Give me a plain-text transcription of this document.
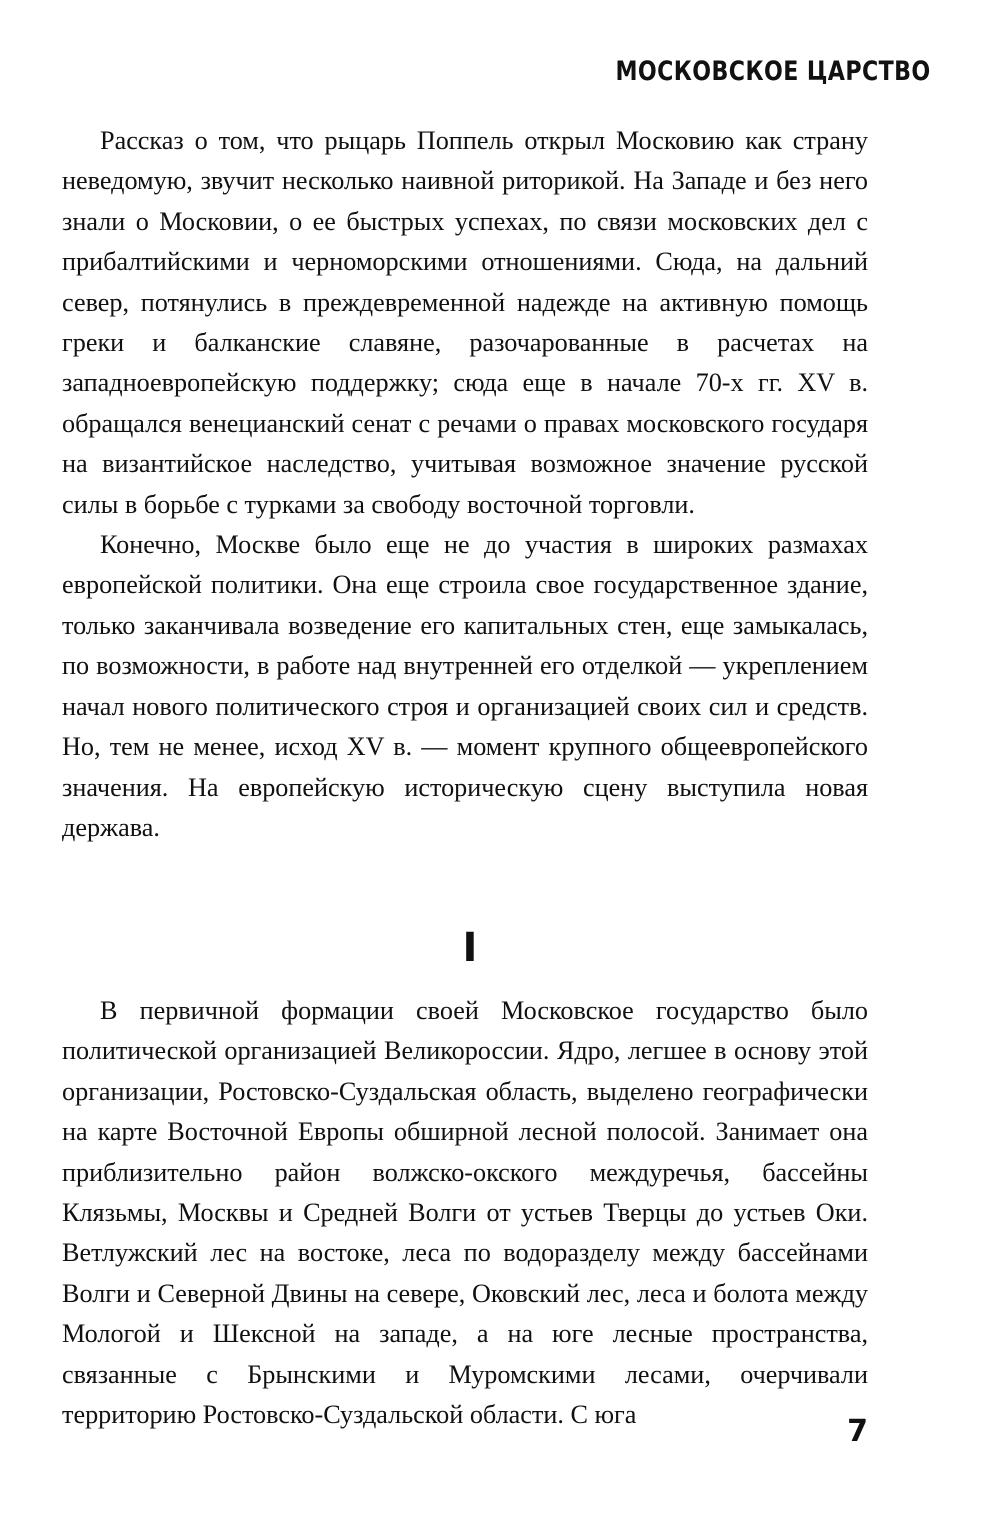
МОСКОВСКОЕ ЦАРСТВО

Рассказ о том, что рыцарь Поппель открыл Московию как страну неведомую, звучит несколько наивной риторикой. На Западе и без него знали о Московии, о ее быстрых успехах, по связи московских дел с прибалтийскими и черноморскими отношениями. Сюда, на дальний север, потянулись в преждевременной надежде на активную помощь греки и балканские славяне, разочарованные в расчетах на западноевропейскую поддержку; сюда еще в начале 70-х гг. XV в. обращался венецианский сенат с речами о правах московского государя на византийское наследство, учитывая возможное значение русской силы в борьбе с турками за свободу восточной торговли.

Конечно, Москве было еще не до участия в широких размахах европейской политики. Она еще строила свое государственное здание, только заканчивала возведение его капитальных стен, еще замыкалась, по возможности, в работе над внутренней его отделкой — укреплением начал нового политического строя и организацией своих сил и средств. Но, тем не менее, исход XV в. — момент крупного общеевропейского значения. На европейскую историческую сцену выступила новая держава.

I

В первичной формации своей Московское государство было политической организацией Великороссии. Ядро, легшее в основу этой организации, Ростовско-Суздальская область, выделено географически на карте Восточной Европы обширной лесной полосой. Занимает она приблизительно район волжско-окского междуречья, бассейны Клязьмы, Москвы и Средней Волги от устьев Тверцы до устьев Оки. Ветлужский лес на востоке, леса по водоразделу между бассейнами Волги и Северной Двины на севере, Оковский лес, леса и болота между Мологой и Шексной на западе, а на юге лесные пространства, связанные с Брынскими и Муромскими лесами, очерчивали территорию Ростовско-Суздальской области. С юга	7
